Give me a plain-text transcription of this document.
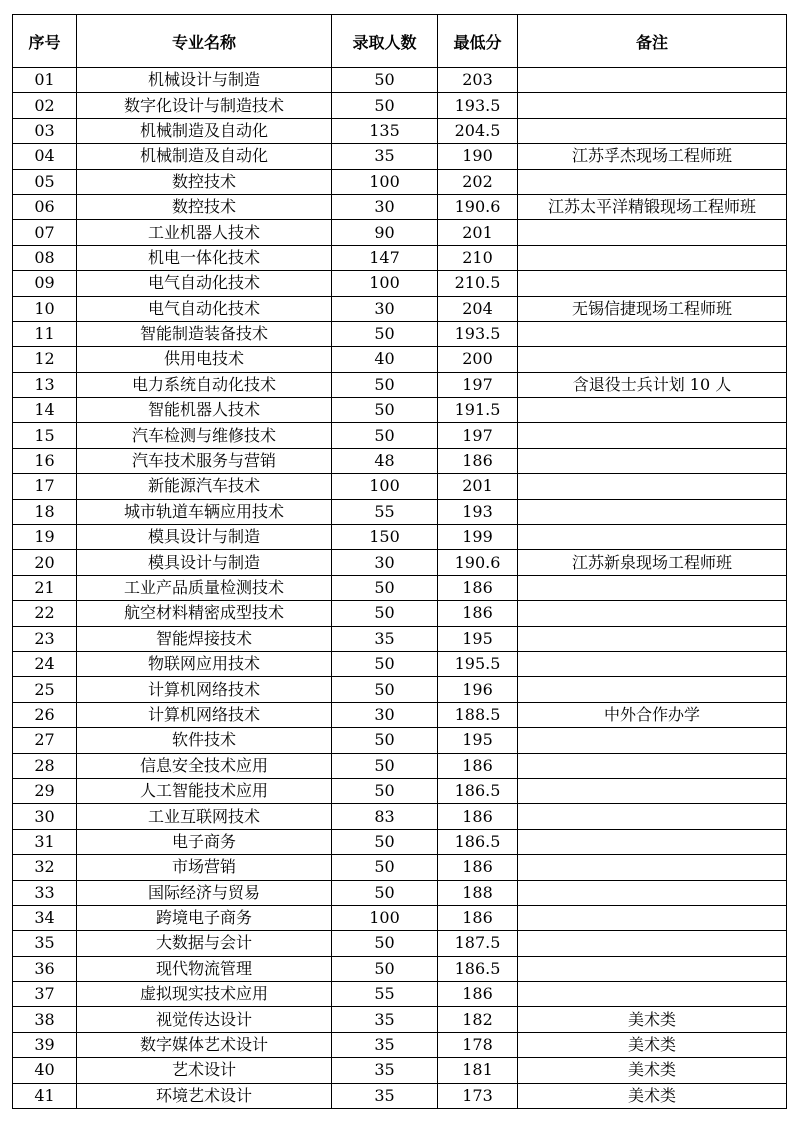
序号	专业名称	录取人数	最低分	备注
01	机械设计与制造	50	203	
02	数字化设计与制造技术	50	193.5	
03	机械制造及自动化	135	204.5	
04	机械制造及自动化	35	190	江苏孚杰现场工程师班
05	数控技术	100	202	
06	数控技术	30	190.6	江苏太平洋精锻现场工程师班
07	工业机器人技术	90	201	
08	机电一体化技术	147	210	
09	电气自动化技术	100	210.5	
10	电气自动化技术	30	204	无锡信捷现场工程师班
11	智能制造装备技术	50	193.5	
12	供用电技术	40	200	
13	电力系统自动化技术	50	197	含退役士兵计划 10 人
14	智能机器人技术	50	191.5	
15	汽车检测与维修技术	50	197	
16	汽车技术服务与营销	48	186	
17	新能源汽车技术	100	201	
18	城市轨道车辆应用技术	55	193	
19	模具设计与制造	150	199	
20	模具设计与制造	30	190.6	江苏新泉现场工程师班
21	工业产品质量检测技术	50	186	
22	航空材料精密成型技术	50	186	
23	智能焊接技术	35	195	
24	物联网应用技术	50	195.5	
25	计算机网络技术	50	196	
26	计算机网络技术	30	188.5	中外合作办学
27	软件技术	50	195	
28	信息安全技术应用	50	186	
29	人工智能技术应用	50	186.5	
30	工业互联网技术	83	186	
31	电子商务	50	186.5	
32	市场营销	50	186	
33	国际经济与贸易	50	188	
34	跨境电子商务	100	186	
35	大数据与会计	50	187.5	
36	现代物流管理	50	186.5	
37	虚拟现实技术应用	55	186	
38	视觉传达设计	35	182	美术类
39	数字媒体艺术设计	35	178	美术类
40	艺术设计	35	181	美术类
41	环境艺术设计	35	173	美术类
